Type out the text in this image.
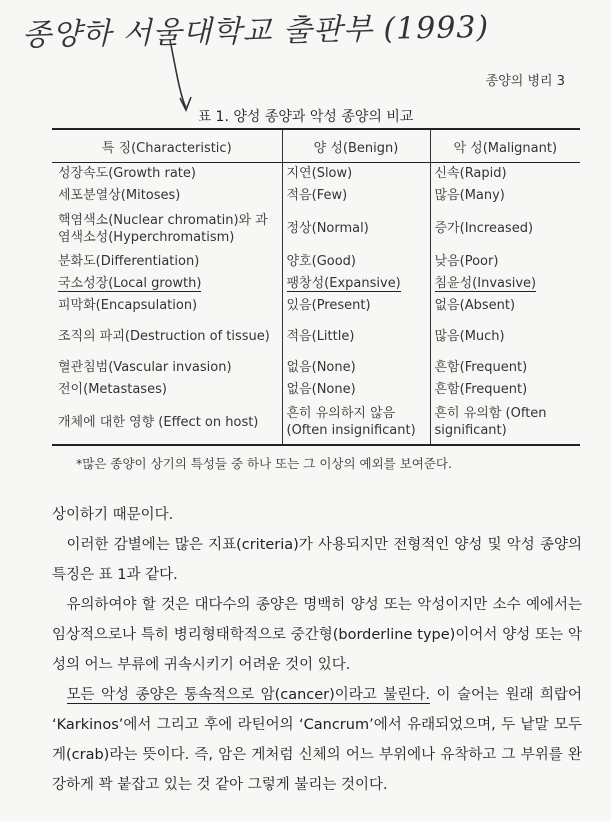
종양하 서울대학교 출판부 (1993)
종양의 병리 3
표 1. 양성 종양과 악성 종양의 비교
특 징(Characteristic)	양 성(Benign)	악 성(Malignant)
성장속도(Growth rate)	지연(Slow)	신속(Rapid)
세포분열상(Mitoses)	적음(Few)	많음(Many)
핵염색소(Nuclear chromatin)와 과염색소성(Hyperchromatism)	정상(Normal)	증가(Increased)
분화도(Differentiation)	양호(Good)	낮음(Poor)
국소성장(Local growth)	팽창성(Expansive)	침윤성(Invasive)
피막화(Encapsulation)	있음(Present)	없음(Absent)
조직의 파괴(Destruction of tissue)	적음(Little)	많음(Much)
혈관침범(Vascular invasion)	없음(None)	흔함(Frequent)
전이(Metastases)	없음(None)	흔함(Frequent)
개체에 대한 영향 (Effect on host)	흔히 유의하지 않음 (Often insignificant)	흔히 유의함 (Often significant)
*많은 종양이 상기의 특성들 중 하나 또는 그 이상의 예외를 보여준다.

상이하기 때문이다.

이러한 감별에는 많은 지표(criteria)가 사용되지만 전형적인 양성 및 악성 종양의 특징은 표 1과 같다.

유의하여야 할 것은 대다수의 종양은 명백히 양성 또는 악성이지만 소수 예에서는 임상적으로나 특히 병리형태학적으로 중간형(borderline type)이어서 양성 또는 악성의 어느 부류에 귀속시키기 어려운 것이 있다.

모든 악성 종양은 통속적으로 암(cancer)이라고 불린다. 이 술어는 원래 희랍어 ‘Karkinos’에서 그리고 후에 라틴어의 ‘Cancrum’에서 유래되었으며, 두 낱말 모두 게(crab)라는 뜻이다. 즉, 암은 게처럼 신체의 어느 부위에나 유착하고 그 부위를 완강하게 꽉 붙잡고 있는 것 같아 그렇게 불리는 것이다.
